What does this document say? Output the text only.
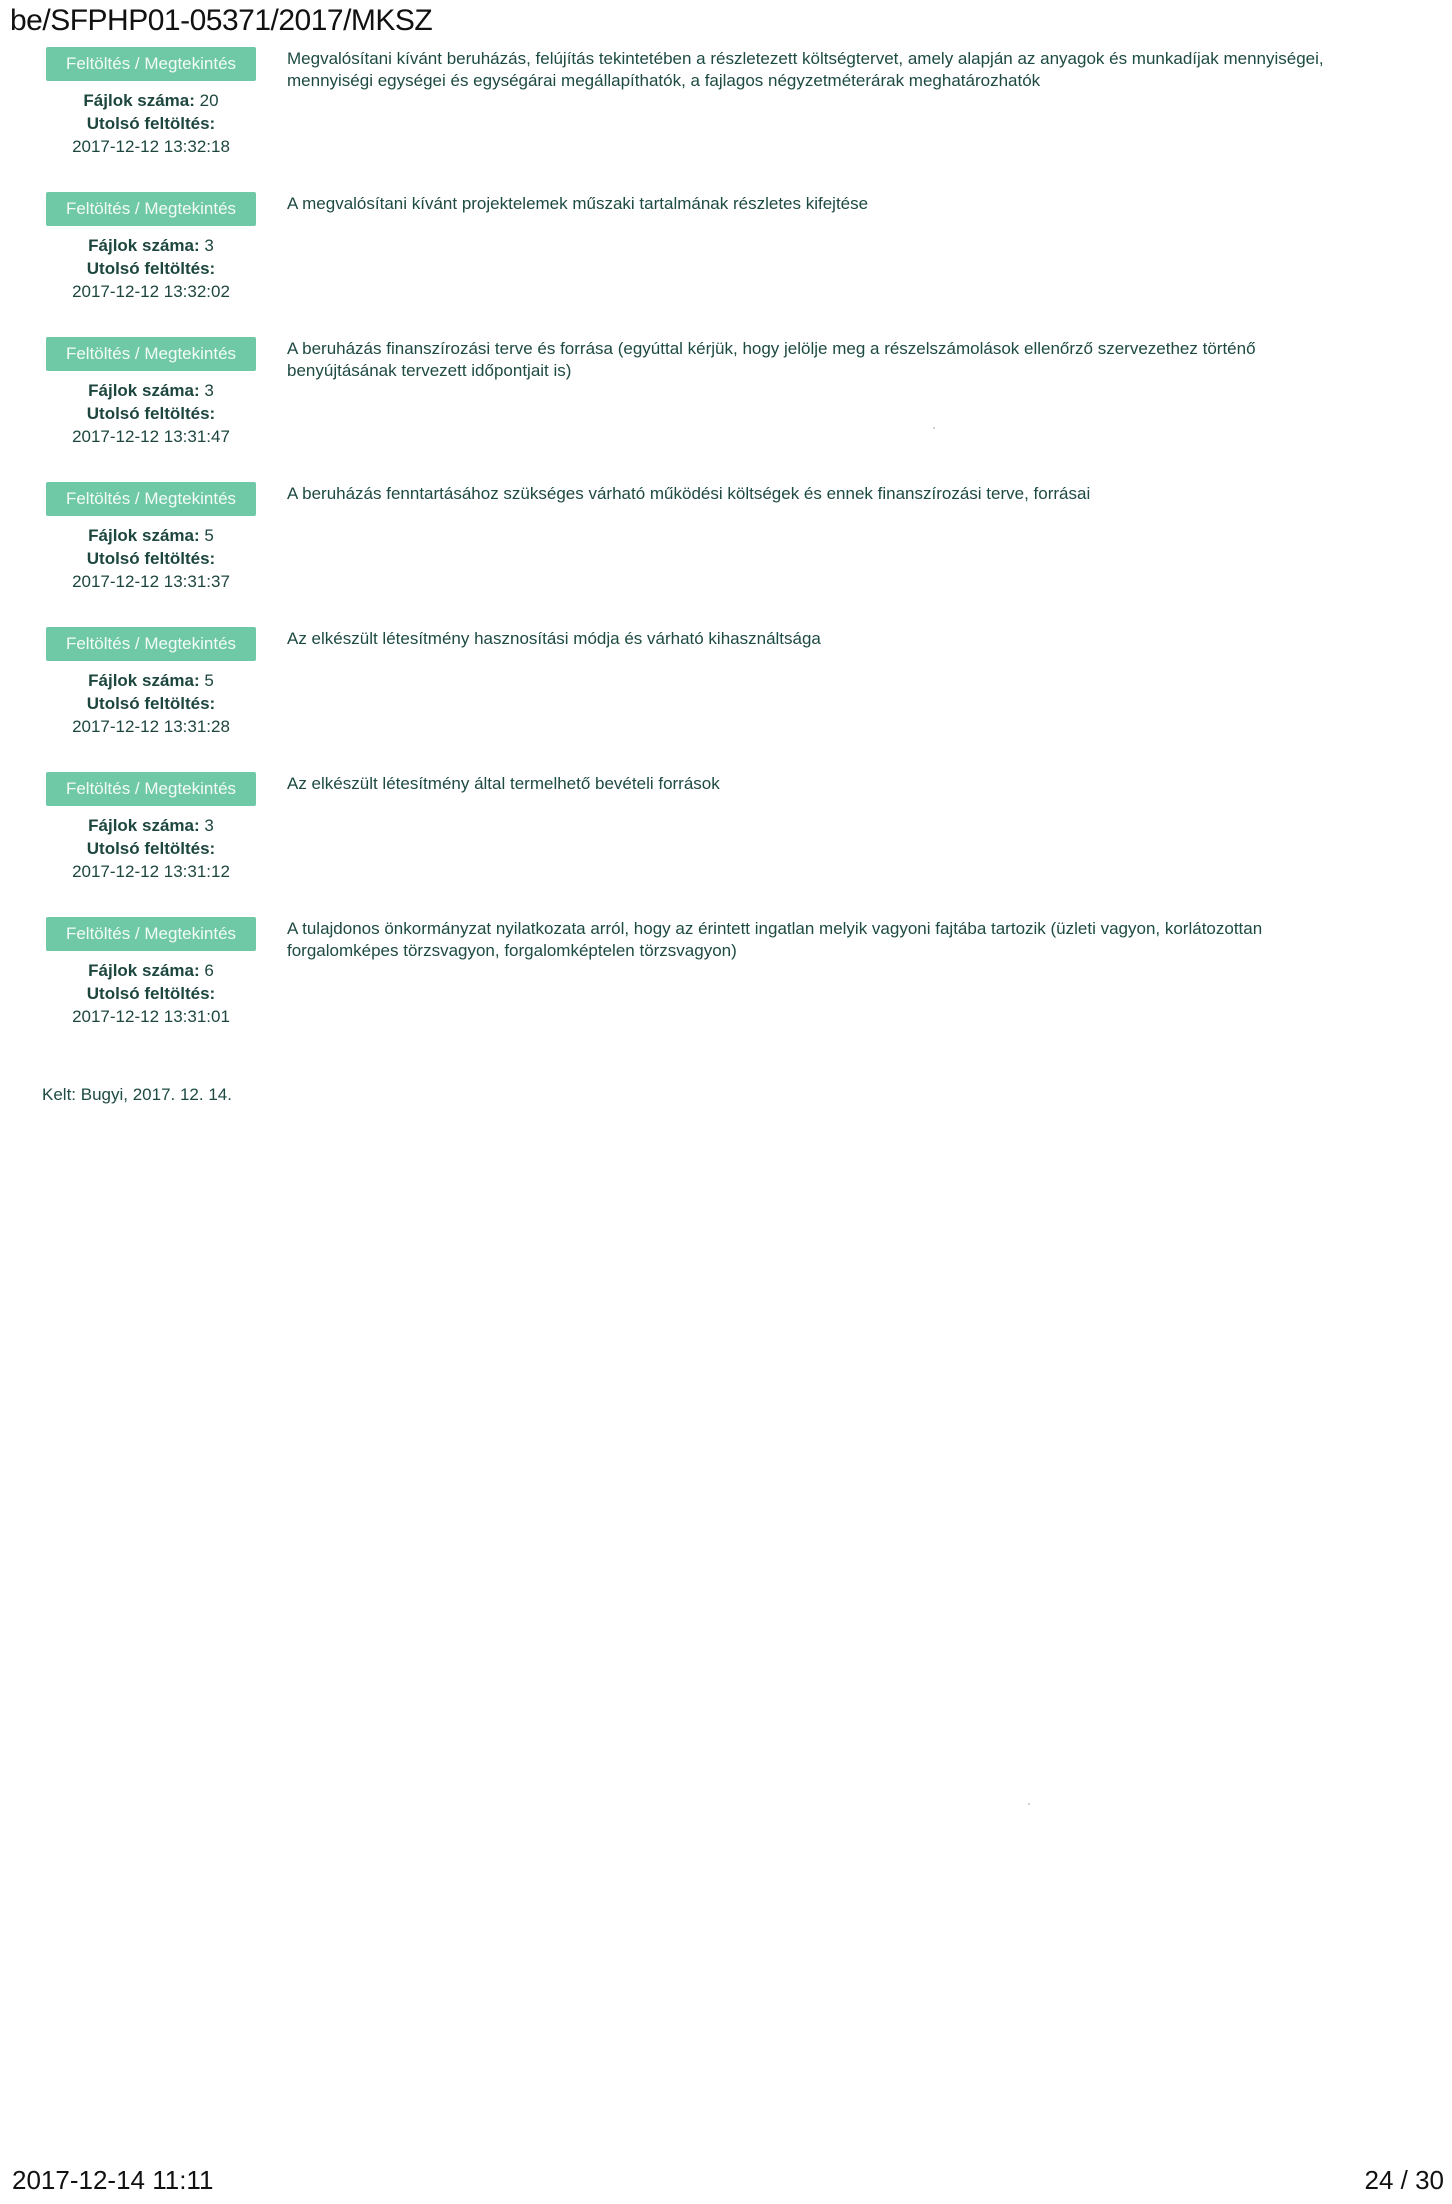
be/SFPHP01-05371/2017/MKSZ
Feltöltés / Megtekintés
Fájlok száma: 20
Utolsó feltöltés:
2017-12-12 13:32:18
Megvalósítani kívánt beruházás, felújítás tekintetében a részletezett költségtervet, amely alapján az anyagok és munkadíjak mennyiségei, mennyiségi egységei és egységárai megállapíthatók, a fajlagos négyzetméterárak meghatározhatók
Feltöltés / Megtekintés
Fájlok száma: 3
Utolsó feltöltés:
2017-12-12 13:32:02
A megvalósítani kívánt projektelemek műszaki tartalmának részletes kifejtése
Feltöltés / Megtekintés
Fájlok száma: 3
Utolsó feltöltés:
2017-12-12 13:31:47
A beruházás finanszírozási terve és forrása (egyúttal kérjük, hogy jelölje meg a részelszámolások ellenőrző szervezethez történő benyújtásának tervezett időpontjait is)
Feltöltés / Megtekintés
Fájlok száma: 5
Utolsó feltöltés:
2017-12-12 13:31:37
A beruházás fenntartásához szükséges várható működési költségek és ennek finanszírozási terve, forrásai
Feltöltés / Megtekintés
Fájlok száma: 5
Utolsó feltöltés:
2017-12-12 13:31:28
Az elkészült létesítmény hasznosítási módja és várható kihasználtsága
Feltöltés / Megtekintés
Fájlok száma: 3
Utolsó feltöltés:
2017-12-12 13:31:12
Az elkészült létesítmény által termelhető bevételi források
Feltöltés / Megtekintés
Fájlok száma: 6
Utolsó feltöltés:
2017-12-12 13:31:01
A tulajdonos önkormányzat nyilatkozata arról, hogy az érintett ingatlan melyik vagyoni fajtába tartozik (üzleti vagyon, korlátozottan forgalomképes törzsvagyon, forgalomképtelen törzsvagyon)
Kelt: Bugyi, 2017. 12. 14.
2017-12-14 11:11	24 / 30
